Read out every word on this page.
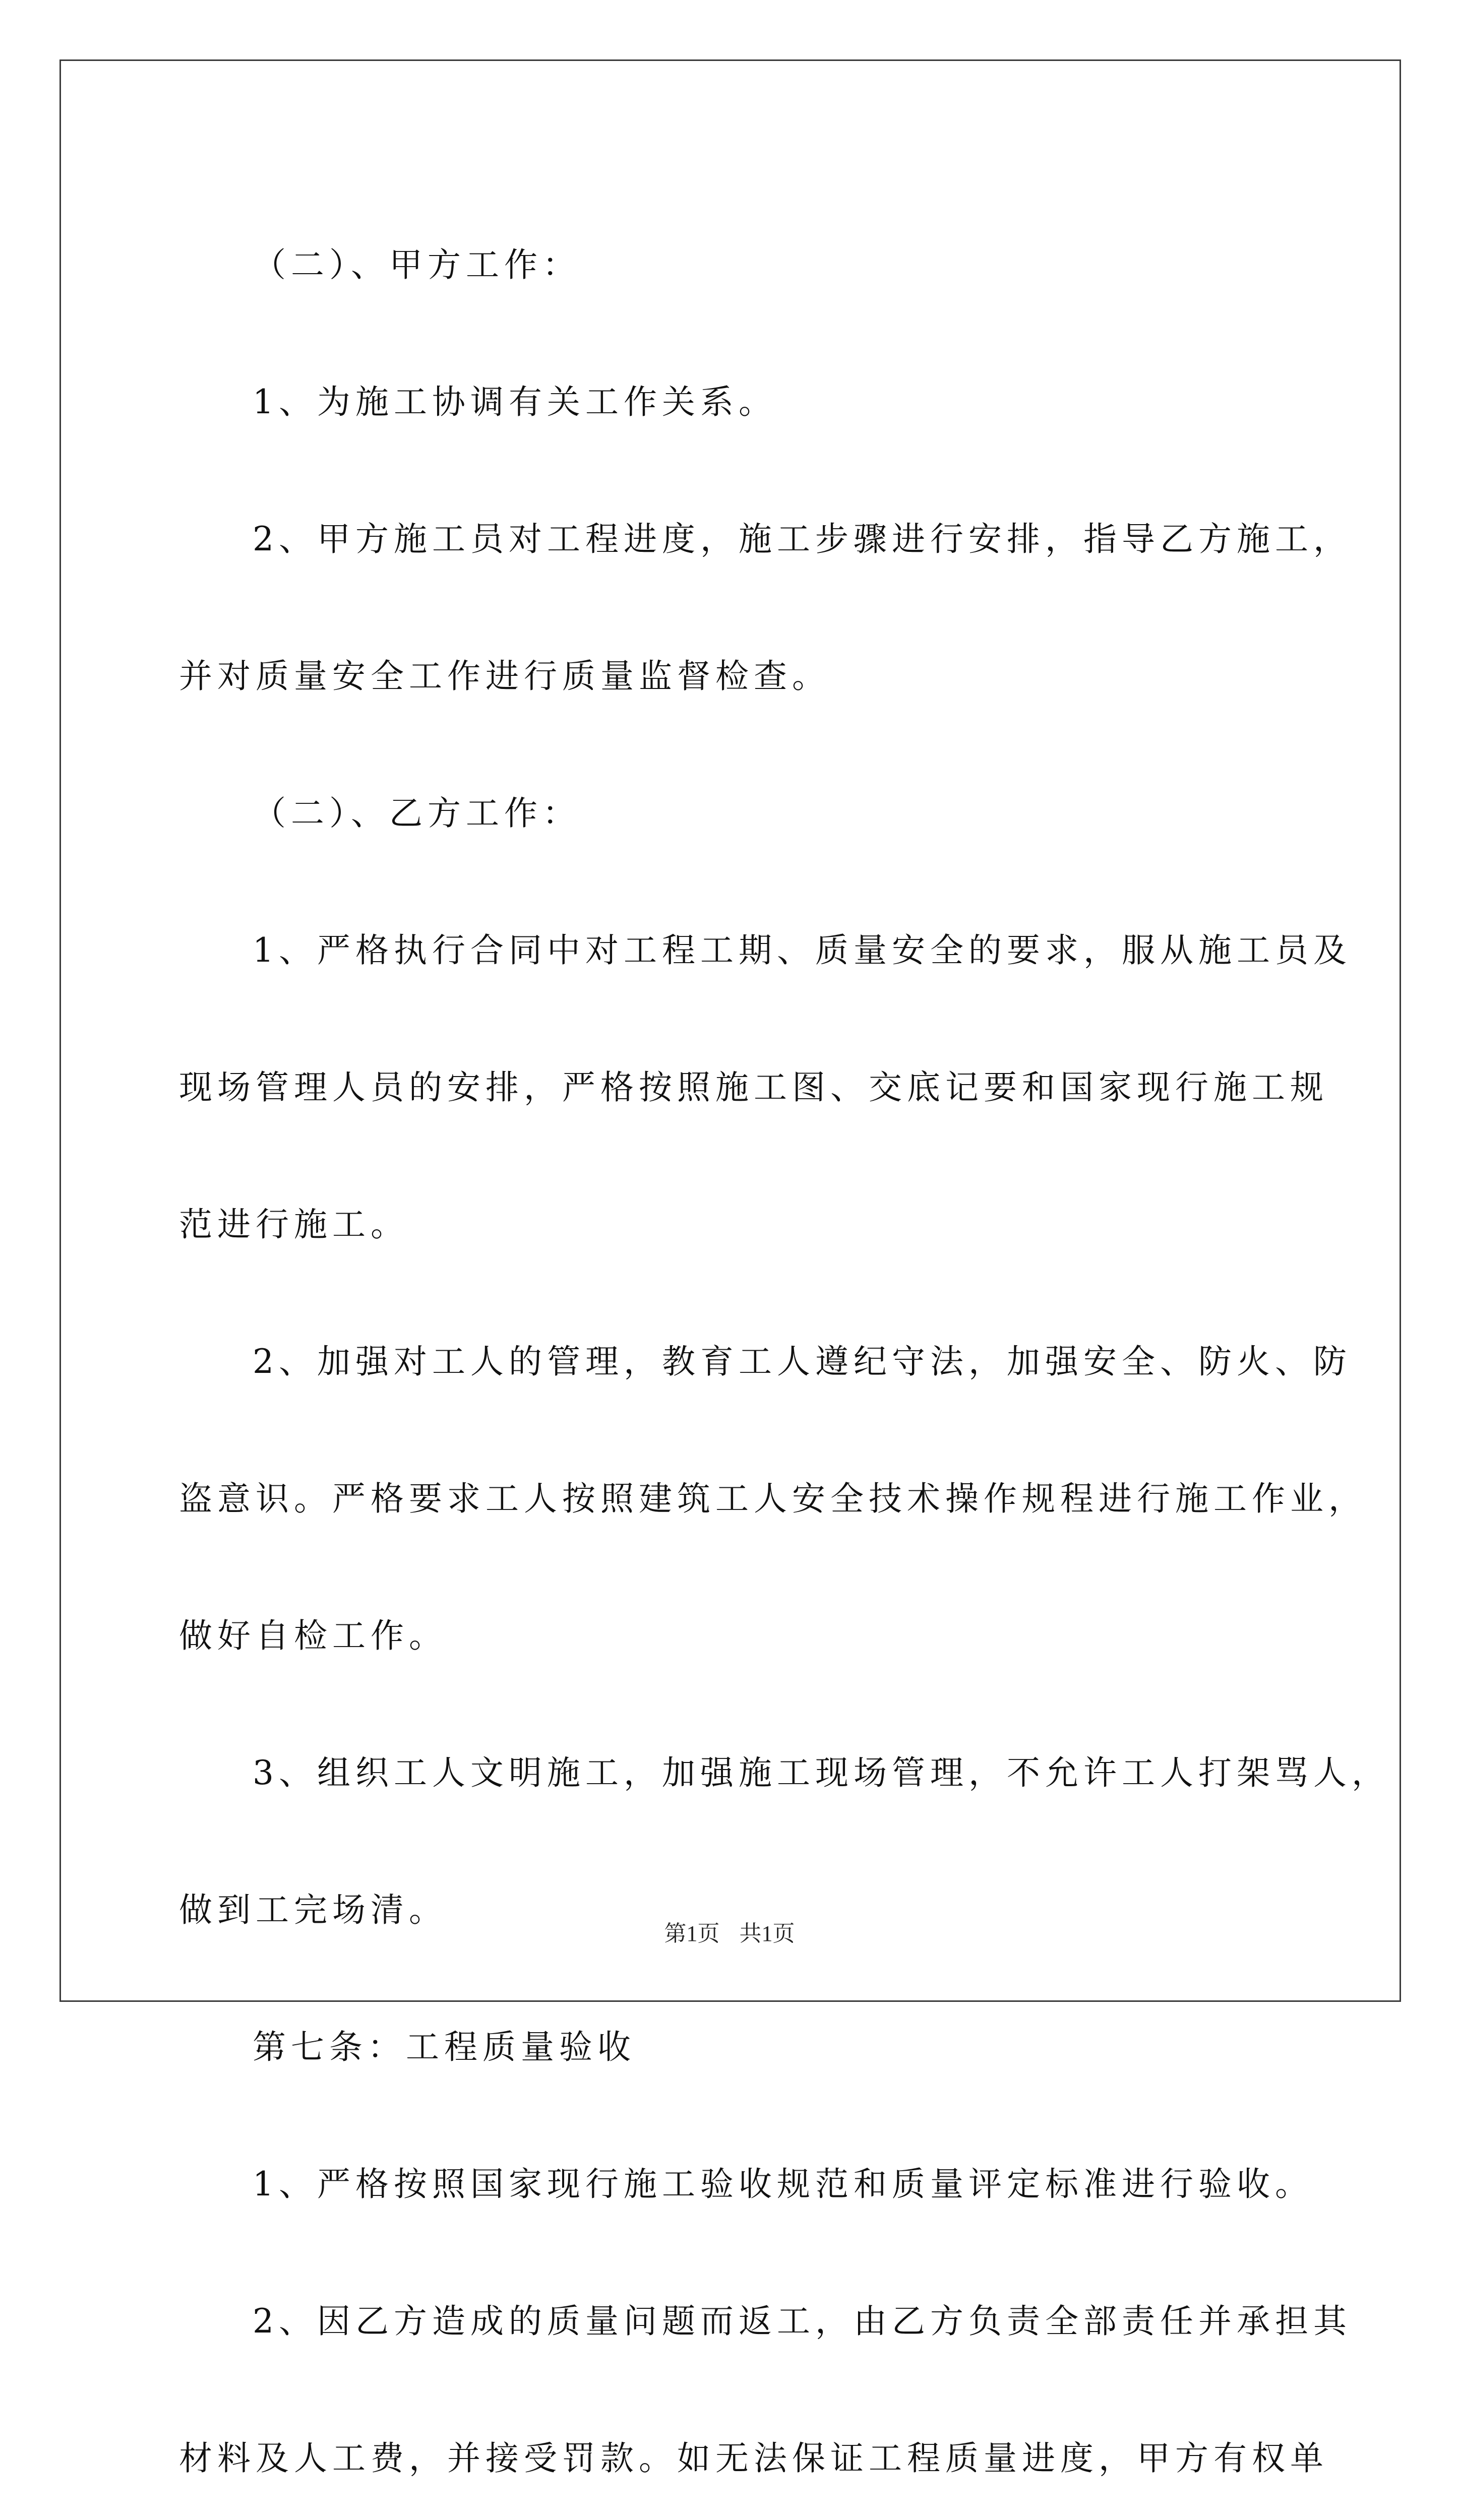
（二）、甲方工作：
1、为施工协调有关工作关系。
2、甲方施工员对工程进度，施工步骤进行安排，指导乙方施工，
并对质量安全工作进行质量监督检查。
（二）、乙方工作：
1、严格执行合同中对工程工期、质量安全的要求，服从施工员及
现场管理人员的安排，严格按照施工图、交底记要和国家现行施工规
范进行施工。
2、加强对工人的管理，教育工人遵纪守法，加强安全、防火、防
盗意识。严格要求工人按照建筑工人安全技术操作规程进行施工作业，
做好自检工作。
3、组织工人文明施工，加强施工现场管理，不允许工人打架骂人，
做到工完场清。
第七条：工程质量验收
1、严格按照国家现行施工验收规范和质量评定标准进行验收。
2、因乙方造成的质量问题而返工，由乙方负责全部责任并承担其
材料及人工费，并接受罚款。如无法保证工程质量进度，甲方有权单
第1页 共1页
